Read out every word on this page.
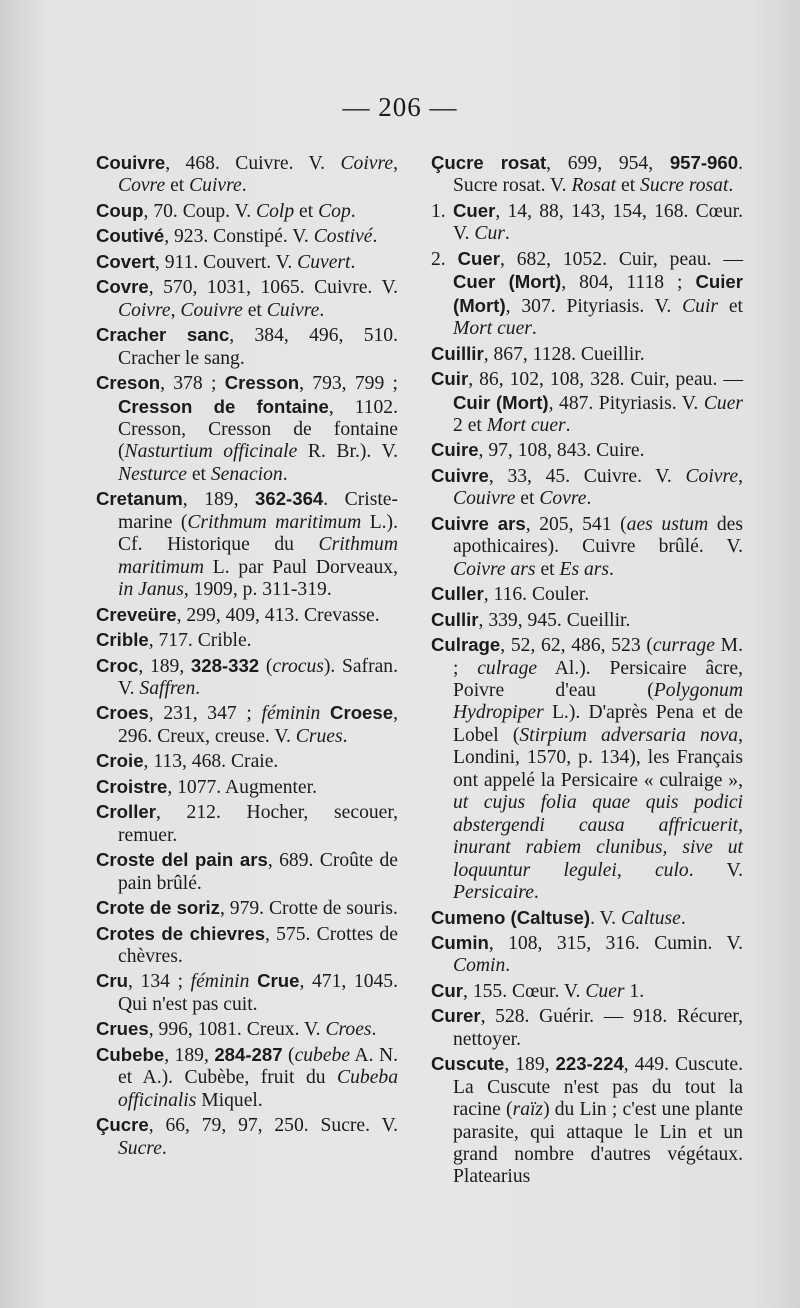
— 206 —

Couivre, 468. Cuivre. V. Coivre, Covre et Cuivre.

Coup, 70. Coup. V. Colp et Cop.

Coutivé, 923. Constipé. V. Costivé.

Covert, 911. Couvert. V. Cuvert.

Covre, 570, 1031, 1065. Cuivre. V. Coivre, Couivre et Cuivre.

Cracher sanc, 384, 496, 510. Cracher le sang.

Creson, 378 ; Cresson, 793, 799 ; Cresson de fontaine, 1102. Cresson, Cresson de fontaine (Nasturtium officinale R. Br.). V. Nesturce et Senacion.

Cretanum, 189, 362-364. Criste-marine (Crithmum maritimum L.). Cf. Historique du Crithmum maritimum L. par Paul Dorveaux, in Janus, 1909, p. 311-319.

Creveüre, 299, 409, 413. Crevasse.

Crible, 717. Crible.

Croc, 189, 328-332 (crocus). Safran. V. Saffren.

Croes, 231, 347 ; féminin Croese, 296. Creux, creuse. V. Crues.

Croie, 113, 468. Craie.

Croistre, 1077. Augmenter.

Croller, 212. Hocher, secouer, remuer.

Croste del pain ars, 689. Croûte de pain brûlé.

Crote de soriz, 979. Crotte de souris.

Crotes de chievres, 575. Crottes de chèvres.

Cru, 134 ; féminin Crue, 471, 1045. Qui n'est pas cuit.

Crues, 996, 1081. Creux. V. Croes.

Cubebe, 189, 284-287 (cubebe A. N. et A.). Cubèbe, fruit du Cubeba officinalis Miquel.

Çucre, 66, 79, 97, 250. Sucre. V. Sucre.

Çucre rosat, 699, 954, 957-960. Sucre rosat. V. Rosat et Sucre rosat.

1. Cuer, 14, 88, 143, 154, 168. Cœur. V. Cur.

2. Cuer, 682, 1052. Cuir, peau. — Cuer (Mort), 804, 1118 ; Cuier (Mort), 307. Pityriasis. V. Cuir et Mort cuer.

Cuillir, 867, 1128. Cueillir.

Cuir, 86, 102, 108, 328. Cuir, peau. — Cuir (Mort), 487. Pityriasis. V. Cuer 2 et Mort cuer.

Cuire, 97, 108, 843. Cuire.

Cuivre, 33, 45. Cuivre. V. Coivre, Couivre et Covre.

Cuivre ars, 205, 541 (aes ustum des apothicaires). Cuivre brûlé. V. Coivre ars et Es ars.

Culler, 116. Couler.

Cullir, 339, 945. Cueillir.

Culrage, 52, 62, 486, 523 (currage M. ; culrage Al.). Persicaire âcre, Poivre d'eau (Polygonum Hydropiper L.). D'après Pena et de Lobel (Stirpium adversaria nova, Londini, 1570, p. 134), les Français ont appelé la Persicaire « culraige », ut cujus folia quae quis podici abstergendi causa affricuerit, inurant rabiem clunibus, sive ut loquuntur legulei, culo. V. Persicaire.

Cumeno (Caltuse). V. Caltuse.

Cumin, 108, 315, 316. Cumin. V. Comin.

Cur, 155. Cœur. V. Cuer 1.

Curer, 528. Guérir. — 918. Récurer, nettoyer.

Cuscute, 189, 223-224, 449. Cuscute. La Cuscute n'est pas du tout la racine (raïz) du Lin ; c'est une plante parasite, qui attaque le Lin et un grand nombre d'autres végétaux. Platearius
